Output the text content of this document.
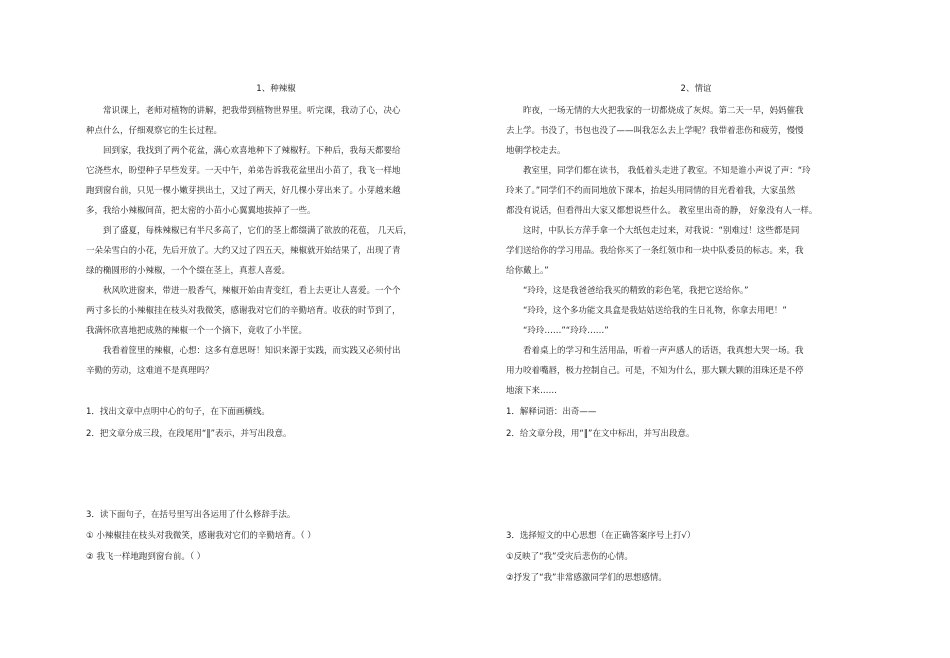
1、种辣椒
常识课上，老师对植物的讲解，把我带到植物世界里。听完课，我动了心，决心
种点什么，仔细观察它的生长过程。
回到家，我找到了两个花盆，满心欢喜地种下了辣椒籽。下种后，我每天都要给
它浇些水，盼望种子早些发芽。一天中午，弟弟告诉我花盆里出小苗了，我飞一样地
跑到窗台前，只见一棵小嫩芽拱出土，又过了两天，好几棵小芽出来了。小芽越来越
多，我给小辣椒间苗，把太密的小苗小心翼翼地拔掉了一些。
到了盛夏，每株辣椒已有半尺多高了，它们的茎上都缀满了欲放的花苞， 几天后，
一朵朵雪白的小花，先后开放了。大约又过了四五天，辣椒就开始结果了，出现了青
绿的椭圆形的小辣椒，一个个缀在茎上，真惹人喜爱。
秋风吹进窗来，带进一股香气，辣椒开始由青变红，看上去更让人喜爱。一个个
两寸多长的小辣椒挂在枝头对我微笑，感谢我对它们的辛勤培育。收获的时节到了，
我满怀欣喜地把成熟的辣椒一个一个摘下，竟收了小半筐。
我看着筐里的辣椒，心想：这多有意思呀！知识来源于实践，而实践又必须付出
辛勤的劳动，这难道不是真理吗？
1．找出文章中点明中心的句子，在下面画横线。
2．把文章分成三段，在段尾用“‖”表示，并写出段意。
3．读下面句子，在括号里写出各运用了什么修辞手法。
① 小辣椒挂在枝头对我微笑，感谢我对它们的辛勤培育。（ ）
② 我飞一样地跑到窗台前。（ ）
2、情谊
昨夜，一场无情的大火把我家的一切都烧成了灰烬。第二天一早，妈妈催我
去上学。书没了，书包也没了——叫我怎么去上学呢？我带着悲伤和疲劳，慢慢
地朝学校走去。
教室里，同学们都在读书， 我低着头走进了教室。不知是谁小声说了声：“玲
玲来了。”同学们不约而同地放下课本，抬起头用同情的目光看着我，大家虽然
都没有说话，但看得出大家又都想说些什么。 教室里出奇的静， 好象没有人一样。
这时，中队长方萍手拿一个大纸包走过来，对我说：“别难过！这些都是同
学们送给你的学习用品。我给你买了一条红领巾和一块中队委员的标志。来，我
给你戴上。”
“玲玲，这是我爸爸给我买的精致的彩色笔，我把它送给你。”
“玲玲，这个多功能文具盒是我姑姑送给我的生日礼物，你拿去用吧！”
“玲玲……”“玲玲……”
看着桌上的学习和生活用品，听着一声声感人的话语，我真想大哭一场。我
用力咬着嘴唇，极力控制自己。可是，不知为什么，那大颗大颗的泪珠还是不停
地滚下来……
1．解释词语：出奇——
2．给文章分段，用“‖”在文中标出，并写出段意。
3．选择短文的中心思想（在正确答案序号上打√）
①反映了“我”受灾后悲伤的心情。
②抒发了“我”非常感激同学们的思想感情。
